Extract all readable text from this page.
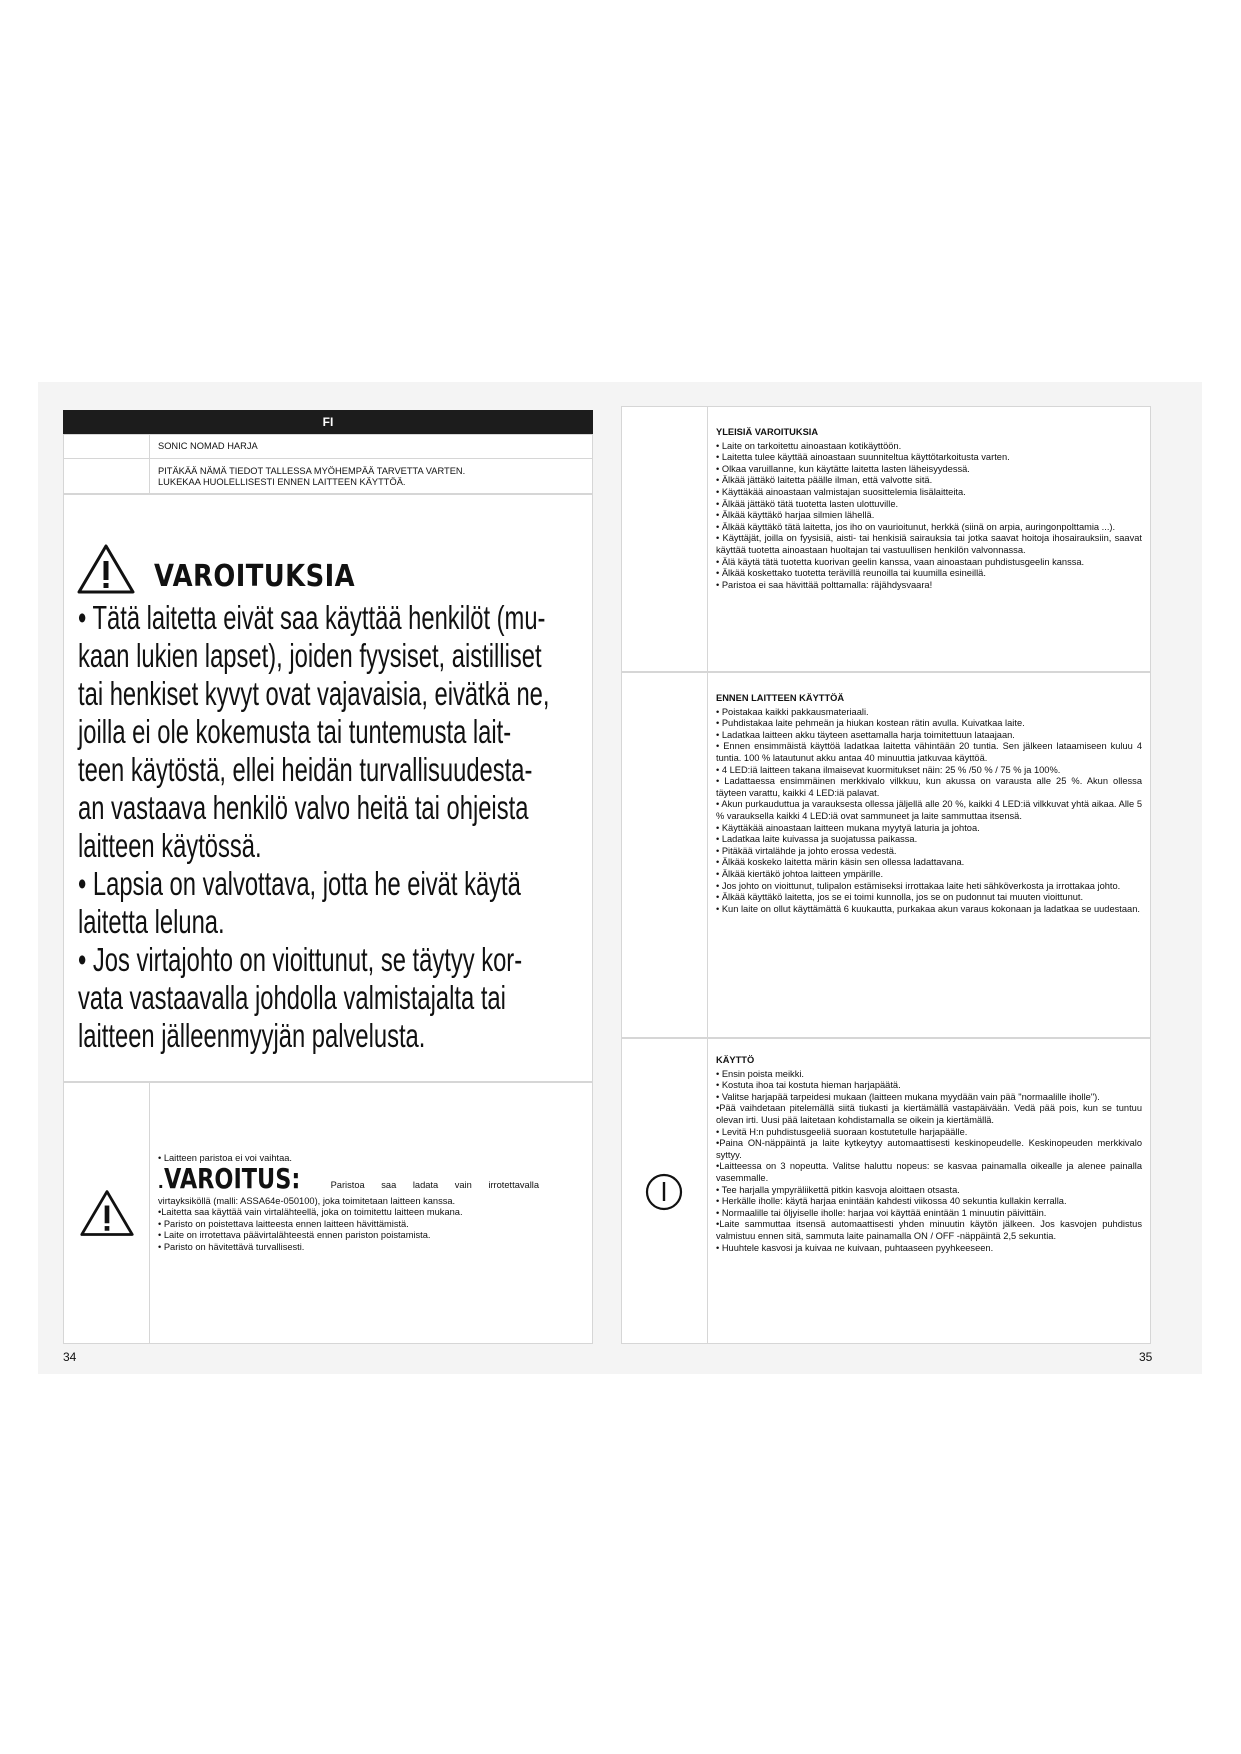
FI
SONIC NOMAD HARJA

PITÄKÄÄ NÄMÄ TIEDOT TALLESSA MYÖHEMPÄÄ TARVETTA VARTEN.

LUKEKAA HUOLELLISESTI ENNEN LAITTEEN KÄYTTÖÄ.

VAROITUKSIA

• Tätä laitetta eivät saa käyttää henkilöt (mu-

kaan lukien lapset), joiden fyysiset, aistilliset

tai henkiset kyvyt ovat vajavaisia, eivätkä ne,

joilla ei ole kokemusta tai tuntemusta lait-

teen käytöstä, ellei heidän turvallisuudesta-

an vastaava henkilö valvo heitä tai ohjeista

laitteen käytössä.

• Lapsia on valvottava, jotta he eivät käytä

laitetta leluna.

• Jos virtajohto on vioittunut, se täytyy kor-

vata vastaavalla johdolla valmistajalta tai

laitteen jälleenmyyjän palvelusta.

• Laitteen paristoa ei voi vaihtaa.

.VAROITUS: Paristoa saa ladata vain irrotettavalla

virtayksiköllä (malli: ASSA64e-050100), joka toimitetaan laitteen kanssa.

•Laitetta saa käyttää vain virtalähteellä, joka on toimitettu laitteen mukana.

• Paristo on poistettava laitteesta ennen laitteen hävittämistä.

• Laite on irrotettava päävirtalähteestä ennen pariston poistamista.

• Paristo on hävitettävä turvallisesti.

34

YLEISIÄ VAROITUKSIA

• Laite on tarkoitettu ainoastaan kotikäyttöön.

• Laitetta tulee käyttää ainoastaan suunniteltua käyttötarkoitusta varten.

• Olkaa varuillanne, kun käytätte laitetta lasten läheisyydessä.

• Älkää jättäkö laitetta päälle ilman, että valvotte sitä.

• Käyttäkää ainoastaan valmistajan suosittelemia lisälaitteita.

• Älkää jättäkö tätä tuotetta lasten ulottuville.

• Älkää käyttäkö harjaa silmien lähellä.

• Älkää käyttäkö tätä laitetta, jos iho on vaurioitunut, herkkä (siinä on arpia, auringonpolttamia ...).

• Käyttäjät, joilla on fyysisiä, aisti- tai henkisiä sairauksia tai jotka saavat hoitoja ihosairauksiin, saavat käyttää tuotetta ainoastaan huoltajan tai vastuullisen henkilön valvonnassa.

• Älä käytä tätä tuotetta kuorivan geelin kanssa, vaan ainoastaan puhdistusgeelin kanssa.

• Älkää koskettako tuotetta terävillä reunoilla tai kuumilla esineillä.

• Paristoa ei saa hävittää polttamalla: räjähdysvaara!

ENNEN LAITTEEN KÄYTTÖÄ

• Poistakaa kaikki pakkausmateriaali.

• Puhdistakaa laite pehmeän ja hiukan kostean rätin avulla. Kuivatkaa laite.

• Ladatkaa laitteen akku täyteen asettamalla harja toimitettuun lataajaan.

• Ennen ensimmäistä käyttöä ladatkaa laitetta vähintään 20 tuntia. Sen jälkeen lataamiseen kuluu 4 tuntia. 100 % latautunut akku antaa 40 minuuttia jatkuvaa käyttöä.

• 4 LED:iä laitteen takana ilmaisevat kuormitukset näin: 25 % /50 % / 75 % ja 100%.

• Ladattaessa ensimmäinen merkkivalo vilkkuu, kun akussa on varausta alle 25 %. Akun ollessa täyteen varattu, kaikki 4 LED:iä palavat.

• Akun purkauduttua ja varauksesta ollessa jäljellä alle 20 %, kaikki 4 LED:iä vilkkuvat yhtä aikaa. Alle 5 % varauksella kaikki 4 LED:iä ovat sammuneet ja laite sammuttaa itsensä.

• Käyttäkää ainoastaan laitteen mukana myytyä laturia ja johtoa.

• Ladatkaa laite kuivassa ja suojatussa paikassa.

• Pitäkää virtalähde ja johto erossa vedestä.

• Älkää koskeko laitetta märin käsin sen ollessa ladattavana.

• Älkää kiertäkö johtoa laitteen ympärille.

• Jos johto on vioittunut, tulipalon estämiseksi irrottakaa laite heti sähköverkosta ja irrottakaa johto.

• Älkää käyttäkö laitetta, jos se ei toimi kunnolla, jos se on pudonnut tai muuten vioittunut.

• Kun laite on ollut käyttämättä 6 kuukautta, purkakaa akun varaus kokonaan ja ladatkaa se uudestaan.

KÄYTTÖ

• Ensin poista meikki.

• Kostuta ihoa tai kostuta hieman harjapäätä.

• Valitse harjapää tarpeidesi mukaan (laitteen mukana myydään vain pää "normaalille iholle").

•Pää vaihdetaan pitelemällä siitä tiukasti ja kiertämällä vastapäivään. Vedä pää pois, kun se tuntuu olevan irti. Uusi pää laitetaan kohdistamalla se oikein ja kiertämällä.

• Levitä H:n puhdistusgeeliä suoraan kostutetulle harjapäälle.

•Paina ON-näppäintä ja laite kytkeytyy automaattisesti keskinopeudelle. Keskinopeuden merkkivalo syttyy.

•Laitteessa on 3 nopeutta. Valitse haluttu nopeus: se kasvaa painamalla oikealle ja alenee painalla vasemmalle.

• Tee harjalla ympyräliikettä pitkin kasvoja aloittaen otsasta.

• Herkälle iholle: käytä harjaa enintään kahdesti viikossa 40 sekuntia kullakin kerralla.

• Normaalille tai öljyiselle iholle: harjaa voi käyttää enintään 1 minuutin päivittäin.

•Laite sammuttaa itsensä automaattisesti yhden minuutin käytön jälkeen. Jos kasvojen puhdistus valmistuu ennen sitä, sammuta laite painamalla ON / OFF -näppäintä 2,5 sekuntia.

• Huuhtele kasvosi ja kuivaa ne kuivaan, puhtaaseen pyyhkeeseen.

35
